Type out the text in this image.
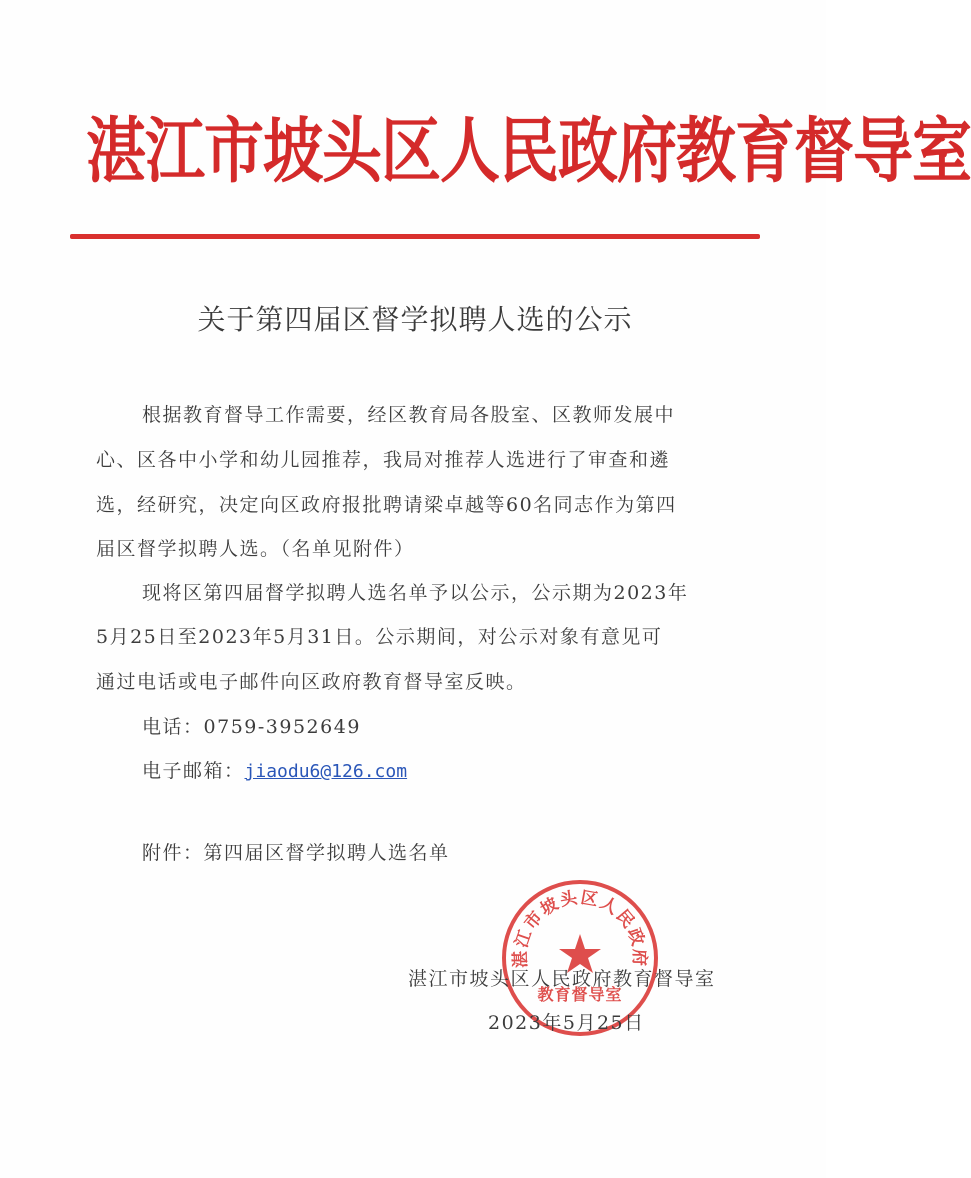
湛江市坡头区人民政府教育督导室
关于第四届区督学拟聘人选的公示
根据教育督导工作需要，经区教育局各股室、区教师发展中
心、区各中小学和幼儿园推荐，我局对推荐人选进行了审查和遴
选，经研究，决定向区政府报批聘请梁卓越等60名同志作为第四
届区督学拟聘人选。（名单见附件）
现将区第四届督学拟聘人选名单予以公示，公示期为2023年
5月25日至2023年5月31日。公示期间，对公示对象有意见可
通过电话或电子邮件向区政府教育督导室反映。
电话：0759-3952649
电子邮箱：jiaodu6@126.com
附件：第四届区督学拟聘人选名单
湛江市坡头区人民政府
教育督导室
湛江市坡头区人民政府教育督导室
2023年5月25日
